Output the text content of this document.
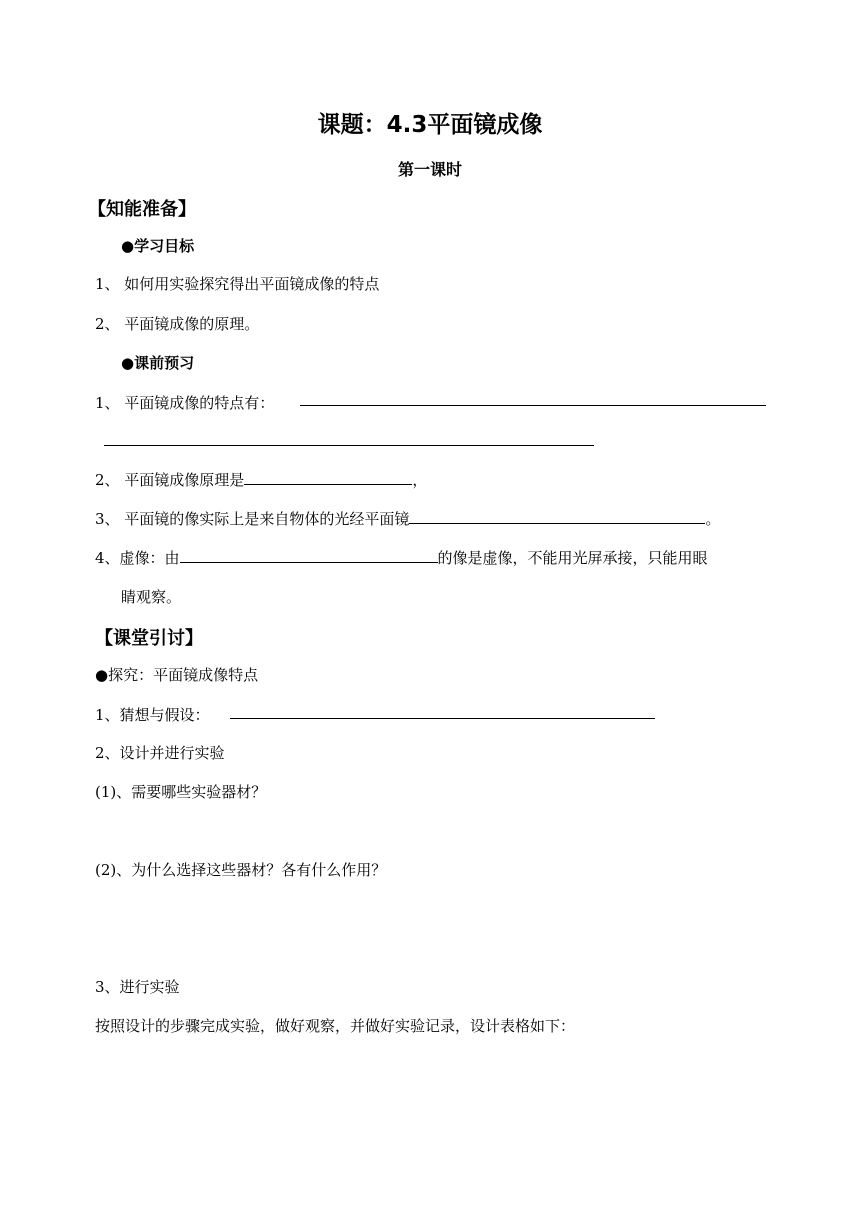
课题：4.3平面镜成像
第一课时
【知能准备】
●学习目标
1、 如何用实验探究得出平面镜成像的特点
2、 平面镜成像的原理。
●课前预习
1、 平面镜成像的特点有：
2、 平面镜成像原理是	，
3、 平面镜的像实际上是来自物体的光经平面镜	。
4、虚像：由	的像是虚像，不能用光屏承接，只能用眼
睛观察。
【课堂引讨】
●探究：平面镜成像特点
1、猜想与假设：
2、设计并进行实验
(1)、需要哪些实验器材？
(2)、为什么选择这些器材？各有什么作用？
3、进行实验
按照设计的步骤完成实验，做好观察，并做好实验记录，设计表格如下：
